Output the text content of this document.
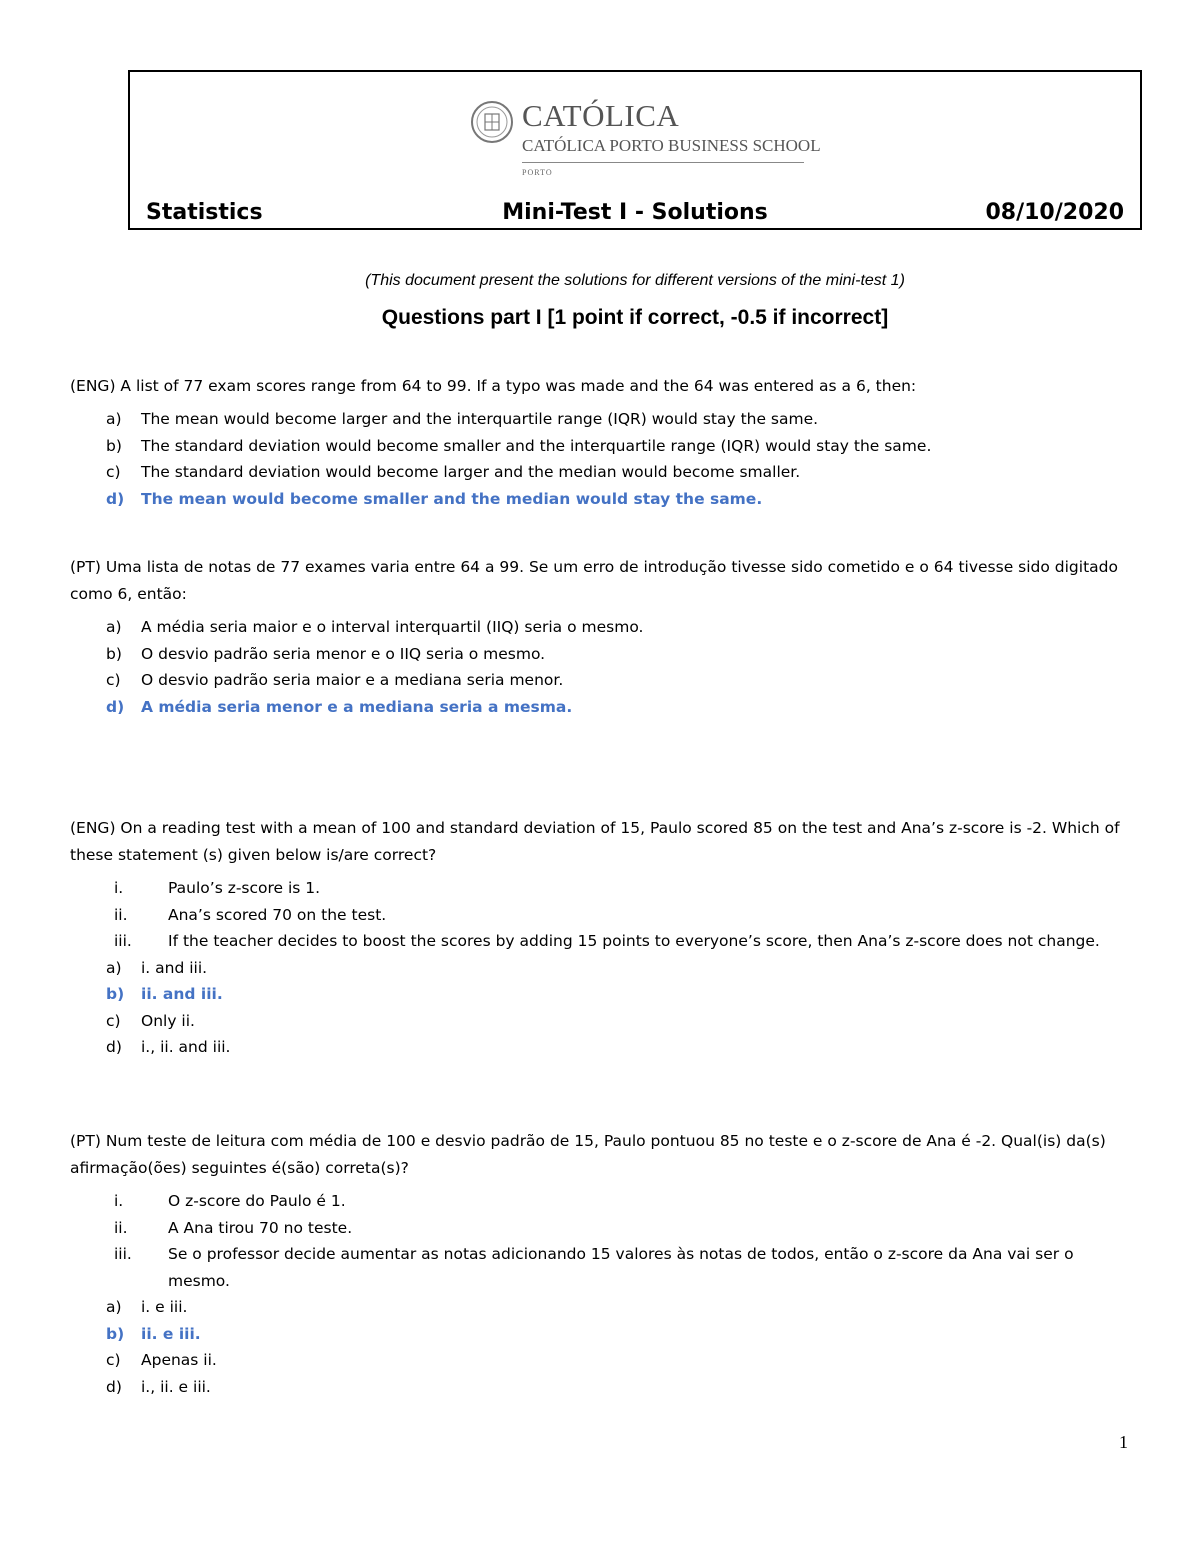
CATÓLICA
CATÓLICA PORTO BUSINESS SCHOOL
PORTO
Statistics	Mini-Test I - Solutions	08/10/2020
(This document present the solutions for different versions of the mini-test 1)
Questions part I [1 point if correct, -0.5 if incorrect]
(ENG) A list of 77 exam scores range from 64 to 99. If a typo was made and the 64 was entered as a 6, then:
a) The mean would become larger and the interquartile range (IQR) would stay the same.
b) The standard deviation would become smaller and the interquartile range (IQR) would stay the same.
c) The standard deviation would become larger and the median would become smaller.
d) The mean would become smaller and the median would stay the same.
(PT) Uma lista de notas de 77 exames varia entre 64 a 99. Se um erro de introdução tivesse sido cometido e o 64 tivesse sido digitado como 6, então:
a) A média seria maior e o interval interquartil (IIQ) seria o mesmo.
b) O desvio padrão seria menor e o IIQ seria o mesmo.
c) O desvio padrão seria maior e a mediana seria menor.
d) A média seria menor e a mediana seria a mesma.
(ENG) On a reading test with a mean of 100 and standard deviation of 15, Paulo scored 85 on the test and Ana’s z-score is -2. Which of these statement (s) given below is/are correct?
i.	Paulo’s z-score is 1.
ii.	Ana’s scored 70 on the test.
iii. If the teacher decides to boost the scores by adding 15 points to everyone’s score, then Ana’s z-score does not change.
a) i. and iii.
b) ii. and iii.
c) Only ii.
d) i., ii. and iii.
(PT) Num teste de leitura com média de 100 e desvio padrão de 15, Paulo pontuou 85 no teste e o z-score de Ana é -2. Qual(is) da(s) afirmação(ões) seguintes é(são) correta(s)?
i.	O z-score do Paulo é 1.
ii.	A Ana tirou 70 no teste.
iii. Se o professor decide aumentar as notas adicionando 15 valores às notas de todos, então o z-score da Ana vai ser o mesmo.
a) i. e iii.
b) ii. e iii.
c) Apenas ii.
d) i., ii. e iii.
1
